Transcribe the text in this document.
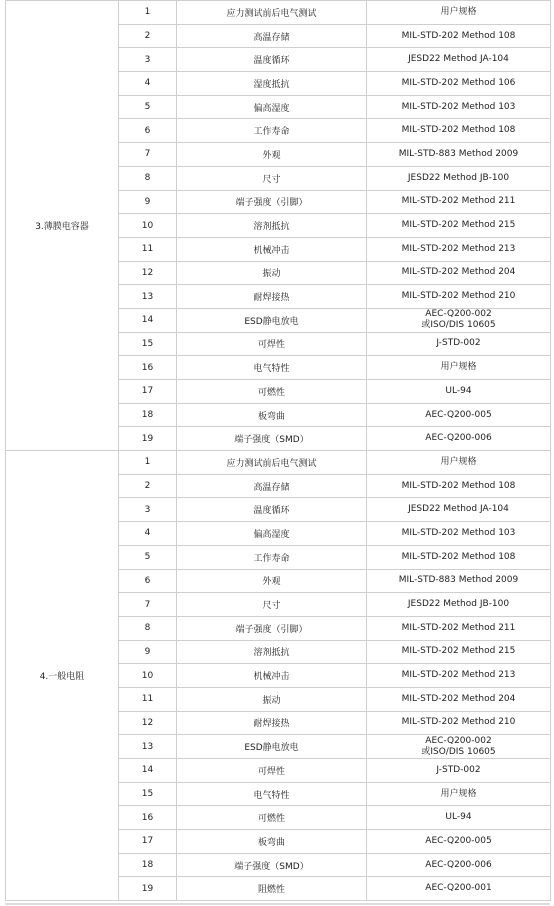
3.薄膜电容器	1	应力测试前后电气测试	用户规格
	2	高温存储	MIL-STD-202 Method 108
	3	温度循环	JESD22 Method JA-104
	4	湿度抵抗	MIL-STD-202 Method 106
	5	偏高湿度	MIL-STD-202 Method 103
	6	工作寿命	MIL-STD-202 Method 108
	7	外观	MIL-STD-883 Method 2009
	8	尺寸	JESD22 Method JB-100
	9	端子强度（引脚）	MIL-STD-202 Method 211
	10	溶剂抵抗	MIL-STD-202 Method 215
	11	机械冲击	MIL-STD-202 Method 213
	12	振动	MIL-STD-202 Method 204
	13	耐焊接热	MIL-STD-202 Method 210
	14	ESD静电放电	AEC-Q200-002
或ISO/DIS 10605

	15	可焊性	J-STD-002
	16	电气特性	用户规格
	17	可燃性	UL-94
	18	板弯曲	AEC-Q200-005
	19	端子强度（SMD）	AEC-Q200-006
4.一般电阻	1	应力测试前后电气测试	用户规格
	2	高温存储	MIL-STD-202 Method 108
	3	温度循环	JESD22 Method JA-104
	4	偏高湿度	MIL-STD-202 Method 103
	5	工作寿命	MIL-STD-202 Method 108
	6	外观	MIL-STD-883 Method 2009
	7	尺寸	JESD22 Method JB-100
	8	端子强度（引脚）	MIL-STD-202 Method 211
	9	溶剂抵抗	MIL-STD-202 Method 215
	10	机械冲击	MIL-STD-202 Method 213
	11	振动	MIL-STD-202 Method 204
	12	耐焊接热	MIL-STD-202 Method 210
	13	ESD静电放电	AEC-Q200-002
或ISO/DIS 10605

	14	可焊性	J-STD-002
	15	电气特性	用户规格
	16	可燃性	UL-94
	17	板弯曲	AEC-Q200-005
	18	端子强度（SMD）	AEC-Q200-006
	19	阻燃性	AEC-Q200-001
